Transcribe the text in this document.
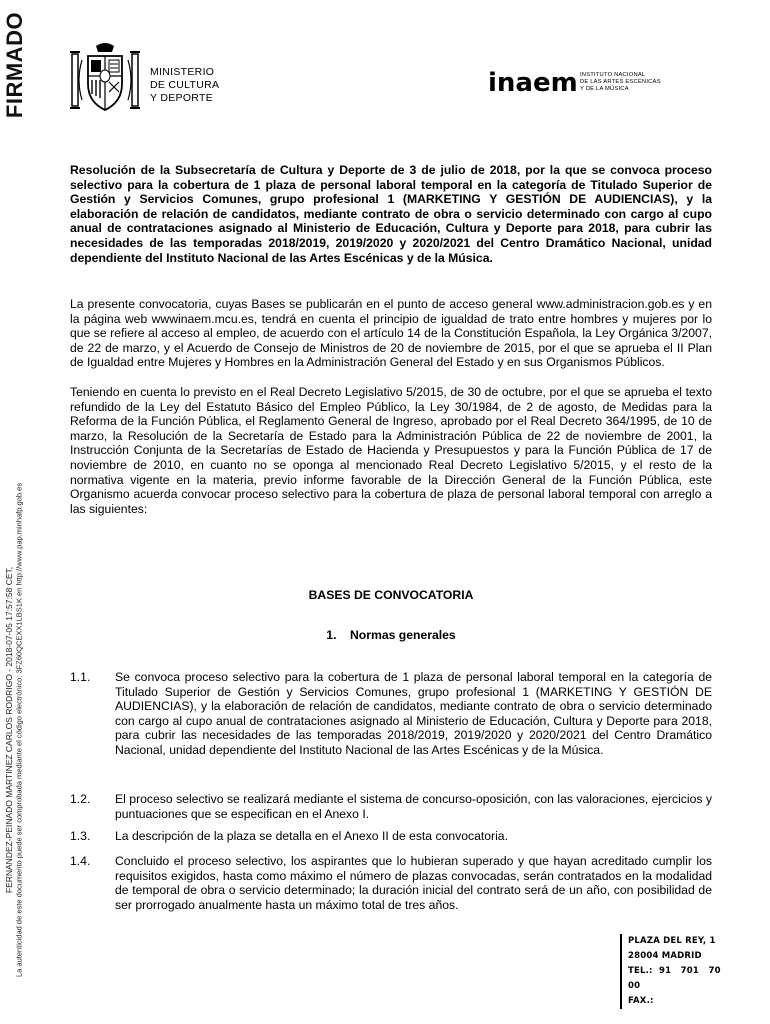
FIRMADO
FERNANDEZ-PEINADO MARTINEZ CARLOS RODRIGO - 2018-07-05 17:57:58 CET, La autenticidad de este documento puede ser comprobada mediante el código electrónico: 3FZ60QCEXX1LBS1K en http://www.pap.minhafp.gob.es
MINISTERIO
DE CULTURA
Y DEPORTE	inaem INSTITUTO NACIONAL
DE LAS ARTES ESCÉNICAS
Y DE LA MÚSICA
Resolución de la Subsecretaría de Cultura y Deporte de 3 de julio de 2018, por la que se convoca proceso selectivo para la cobertura de 1 plaza de personal laboral temporal en la categoría de Titulado Superior de Gestión y Servicios Comunes, grupo profesional 1 (MARKETING Y GESTIÓN DE AUDIENCIAS), y la elaboración de relación de candidatos, mediante contrato de obra o servicio determinado con cargo al cupo anual de contrataciones asignado al Ministerio de Educación, Cultura y Deporte para 2018, para cubrir las necesidades de las temporadas 2018/2019, 2019/2020 y 2020/2021 del Centro Dramático Nacional, unidad dependiente del Instituto Nacional de las Artes Escénicas y de la Música.
La presente convocatoria, cuyas Bases se publicarán en el punto de acceso general www.administracion.gob.es y en la página web wwwinaem.mcu.es, tendrá en cuenta el principio de igualdad de trato entre hombres y mujeres por lo que se refiere al acceso al empleo, de acuerdo con el artículo 14 de la Constitución Española, la Ley Orgánica 3/2007, de 22 de marzo, y el Acuerdo de Consejo de Ministros de 20 de noviembre de 2015, por el que se aprueba el II Plan de Igualdad entre Mujeres y Hombres en la Administración General del Estado y en sus Organismos Públicos.
Teniendo en cuenta lo previsto en el Real Decreto Legislativo 5/2015, de 30 de octubre, por el que se aprueba el texto refundido de la Ley del Estatuto Básico del Empleo Público, la Ley 30/1984, de 2 de agosto, de Medidas para la Reforma de la Función Pública, el Reglamento General de Ingreso, aprobado por el Real Decreto 364/1995, de 10 de marzo, la Resolución de la Secretaría de Estado para la Administración Pública de 22 de noviembre de 2001, la Instrucción Conjunta de la Secretarías de Estado de Hacienda y Presupuestos y para la Función Pública de 17 de noviembre de 2010, en cuanto no se oponga al mencionado Real Decreto Legislativo 5/2015, y el resto de la normativa vigente en la materia, previo informe favorable de la Dirección General de la Función Pública, este Organismo acuerda convocar proceso selectivo para la cobertura de plaza de personal laboral temporal con arreglo a las siguientes:
BASES DE CONVOCATORIA
1.    Normas generales
1.1.	Se convoca proceso selectivo para la cobertura de 1 plaza de personal laboral temporal en la categoría de Titulado Superior de Gestión y Servicios Comunes, grupo profesional 1 (MARKETING Y GESTIÓN DE AUDIENCIAS), y la elaboración de relación de candidatos, mediante contrato de obra o servicio determinado con cargo al cupo anual de contrataciones asignado al Ministerio de Educación, Cultura y Deporte para 2018, para cubrir las necesidades de las temporadas 2018/2019, 2019/2020 y 2020/2021 del Centro Dramático Nacional, unidad dependiente del Instituto Nacional de las Artes Escénicas y de la Música.
1.2.	El proceso selectivo se realizará mediante el sistema de concurso-oposición, con las valoraciones, ejercicios y puntuaciones que se especifican en el Anexo I.
1.3.	La descripción de la plaza se detalla en el Anexo II de esta convocatoria.
1.4.	Concluido el proceso selectivo, los aspirantes que lo hubieran superado y que hayan acreditado cumplir los requisitos exigidos, hasta como máximo el número de plazas convocadas, serán contratados en la modalidad de temporal de obra o servicio determinado; la duración inicial del contrato será de un año, con posibilidad de ser prorrogado anualmente hasta un máximo total de tres años.
PLAZA DEL REY, 1
28004 MADRID
TEL.:  91   701   70
00
FAX.:
